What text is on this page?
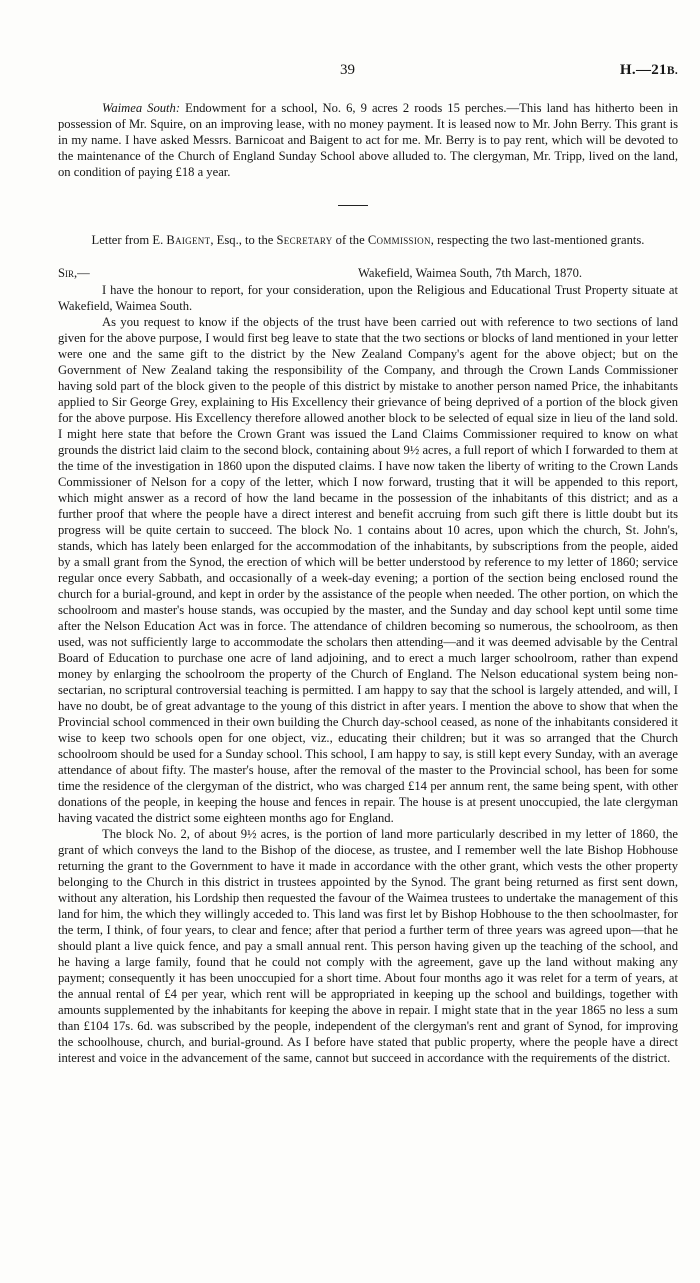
39	H.—21B.

Waimea South: Endowment for a school, No. 6, 9 acres 2 roods 15 perches.—This land has hitherto been in possession of Mr. Squire, on an improving lease, with no money payment. It is leased now to Mr. John Berry. This grant is in my name. I have asked Messrs. Barnicoat and Baigent to act for me. Mr. Berry is to pay rent, which will be devoted to the maintenance of the Church of England Sunday School above alluded to. The clergyman, Mr. Tripp, lived on the land, on condition of paying £18 a year.

Letter from E. Baigent, Esq., to the Secretary of the Commission, respecting the two last-mentioned grants.
Sir,—	Wakefield, Waimea South, 7th March, 1870.

I have the honour to report, for your consideration, upon the Religious and Educational Trust Property situate at Wakefield, Waimea South.

As you request to know if the objects of the trust have been carried out with reference to two sections of land given for the above purpose, I would first beg leave to state that the two sections or blocks of land mentioned in your letter were one and the same gift to the district by the New Zealand Company's agent for the above object; but on the Government of New Zealand taking the responsibility of the Company, and through the Crown Lands Commissioner having sold part of the block given to the people of this district by mistake to another person named Price, the inhabitants applied to Sir George Grey, explaining to His Excellency their grievance of being deprived of a portion of the block given for the above purpose. His Excellency therefore allowed another block to be selected of equal size in lieu of the land sold. I might here state that before the Crown Grant was issued the Land Claims Commissioner required to know on what grounds the district laid claim to the second block, containing about 9½ acres, a full report of which I forwarded to them at the time of the investigation in 1860 upon the disputed claims. I have now taken the liberty of writing to the Crown Lands Commissioner of Nelson for a copy of the letter, which I now forward, trusting that it will be appended to this report, which might answer as a record of how the land became in the possession of the inhabitants of this district; and as a further proof that where the people have a direct interest and benefit accruing from such gift there is little doubt but its progress will be quite certain to succeed. The block No. 1 contains about 10 acres, upon which the church, St. John's, stands, which has lately been enlarged for the accommodation of the inhabitants, by subscriptions from the people, aided by a small grant from the Synod, the erection of which will be better understood by reference to my letter of 1860; service regular once every Sabbath, and occasionally of a week-day evening; a portion of the section being enclosed round the church for a burial-ground, and kept in order by the assistance of the people when needed. The other portion, on which the schoolroom and master's house stands, was occupied by the master, and the Sunday and day school kept until some time after the Nelson Education Act was in force. The attendance of children becoming so numerous, the schoolroom, as then used, was not sufficiently large to accommodate the scholars then attending—and it was deemed advisable by the Central Board of Education to purchase one acre of land adjoining, and to erect a much larger schoolroom, rather than expend money by enlarging the schoolroom the property of the Church of England. The Nelson educational system being non-sectarian, no scriptural controversial teaching is permitted. I am happy to say that the school is largely attended, and will, I have no doubt, be of great advantage to the young of this district in after years. I mention the above to show that when the Provincial school commenced in their own building the Church day-school ceased, as none of the inhabitants considered it wise to keep two schools open for one object, viz., educating their children; but it was so arranged that the Church schoolroom should be used for a Sunday school. This school, I am happy to say, is still kept every Sunday, with an average attendance of about fifty. The master's house, after the removal of the master to the Provincial school, has been for some time the residence of the clergyman of the district, who was charged £14 per annum rent, the same being spent, with other donations of the people, in keeping the house and fences in repair. The house is at present unoccupied, the late clergyman having vacated the district some eighteen months ago for England.

The block No. 2, of about 9½ acres, is the portion of land more particularly described in my letter of 1860, the grant of which conveys the land to the Bishop of the diocese, as trustee, and I remember well the late Bishop Hobhouse returning the grant to the Government to have it made in accordance with the other grant, which vests the other property belonging to the Church in this district in trustees appointed by the Synod. The grant being returned as first sent down, without any alteration, his Lordship then requested the favour of the Waimea trustees to undertake the management of this land for him, the which they willingly acceded to. This land was first let by Bishop Hobhouse to the then schoolmaster, for the term, I think, of four years, to clear and fence; after that period a further term of three years was agreed upon—that he should plant a live quick fence, and pay a small annual rent. This person having given up the teaching of the school, and he having a large family, found that he could not comply with the agreement, gave up the land without making any payment; consequently it has been unoccupied for a short time. About four months ago it was relet for a term of years, at the annual rental of £4 per year, which rent will be appropriated in keeping up the school and buildings, together with amounts supplemented by the inhabitants for keeping the above in repair. I might state that in the year 1865 no less a sum than £104 17s. 6d. was subscribed by the people, independent of the clergyman's rent and grant of Synod, for improving the schoolhouse, church, and burial-ground. As I before have stated that public property, where the people have a direct interest and voice in the advancement of the same, cannot but succeed in accordance with the requirements of the district.
